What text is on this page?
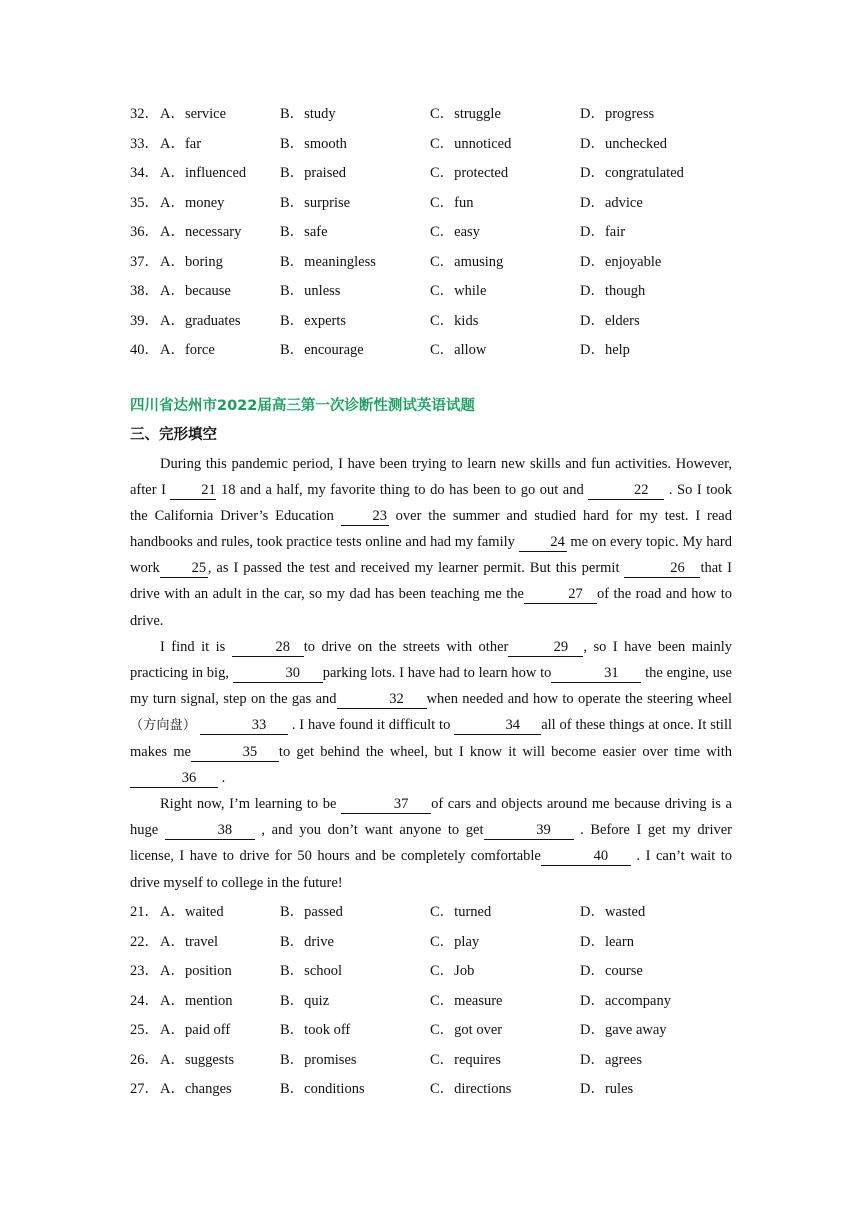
32． A．service	B．study	C．struggle	D．progress
33． A．far	B．smooth	C．unnoticed	D．unchecked
34． A．influenced B．praised	C．protected	D．congratulated
35． A．money	B．surprise	C．fun	D．advice
36． A．necessary	B．safe	C．easy	D．fair
37． A．boring	B．meaningless	C．amusing	D．enjoyable
38． A．because	B．unless	C．while	D．though
39． A．graduates	B．experts	C．kids	D．elders
40． A．force	B．encourage	C．allow	D．help
四川省达州市2022届高三第一次诊断性测试英语试题
三、完形填空

During this pandemic period, I have been trying to learn new skills and fun activities. However, after I 21 18 and a half, my favorite thing to do has been to go out and	22 . So I took the California Driver’s Education 23 over the summer and studied hard for my test. I read handbooks and rules, took practice tests online and had my family 24 me on every topic. My hard work 25 , as I passed the test and received my learner permit. But this permit	26 that I drive with an adult in the car, so my dad has been teaching me the	27 of the road and how to drive.

I find it is	28 to drive on the streets with other	29 , so I have been mainly practicing in big,	30 parking lots. I have had to learn how to	31 the engine, use my turn signal, step on the gas and	32 when needed and how to operate the steering wheel （方向盘）	33 . I have found it difficult to	34 all of these things at once. It still makes me	35 to get behind the wheel, but I know it will become easier over time with36 .

Right now, I’m learning to be	37 of cars and objects around me because driving is a huge	38 , and you don’t want anyone to get	39 . Before I get my driver license, I have to drive for 50 hours and be completely comfortable	40 . I can’t wait to drive myself to college in the future!

21． A．waited	B．passed	C．turned	D．wasted
22． A．travel	B．drive	C．play	D．learn
23． A．position	B．school	C．Job	D．course
24． A．mention	B．quiz	C．measure	D．accompany
25． A．paid off	B．took off	C．got over	D．gave away
26． A．suggests	B．promises	C．requires	D．agrees
27． A．changes	B．conditions	C．directions	D．rules
